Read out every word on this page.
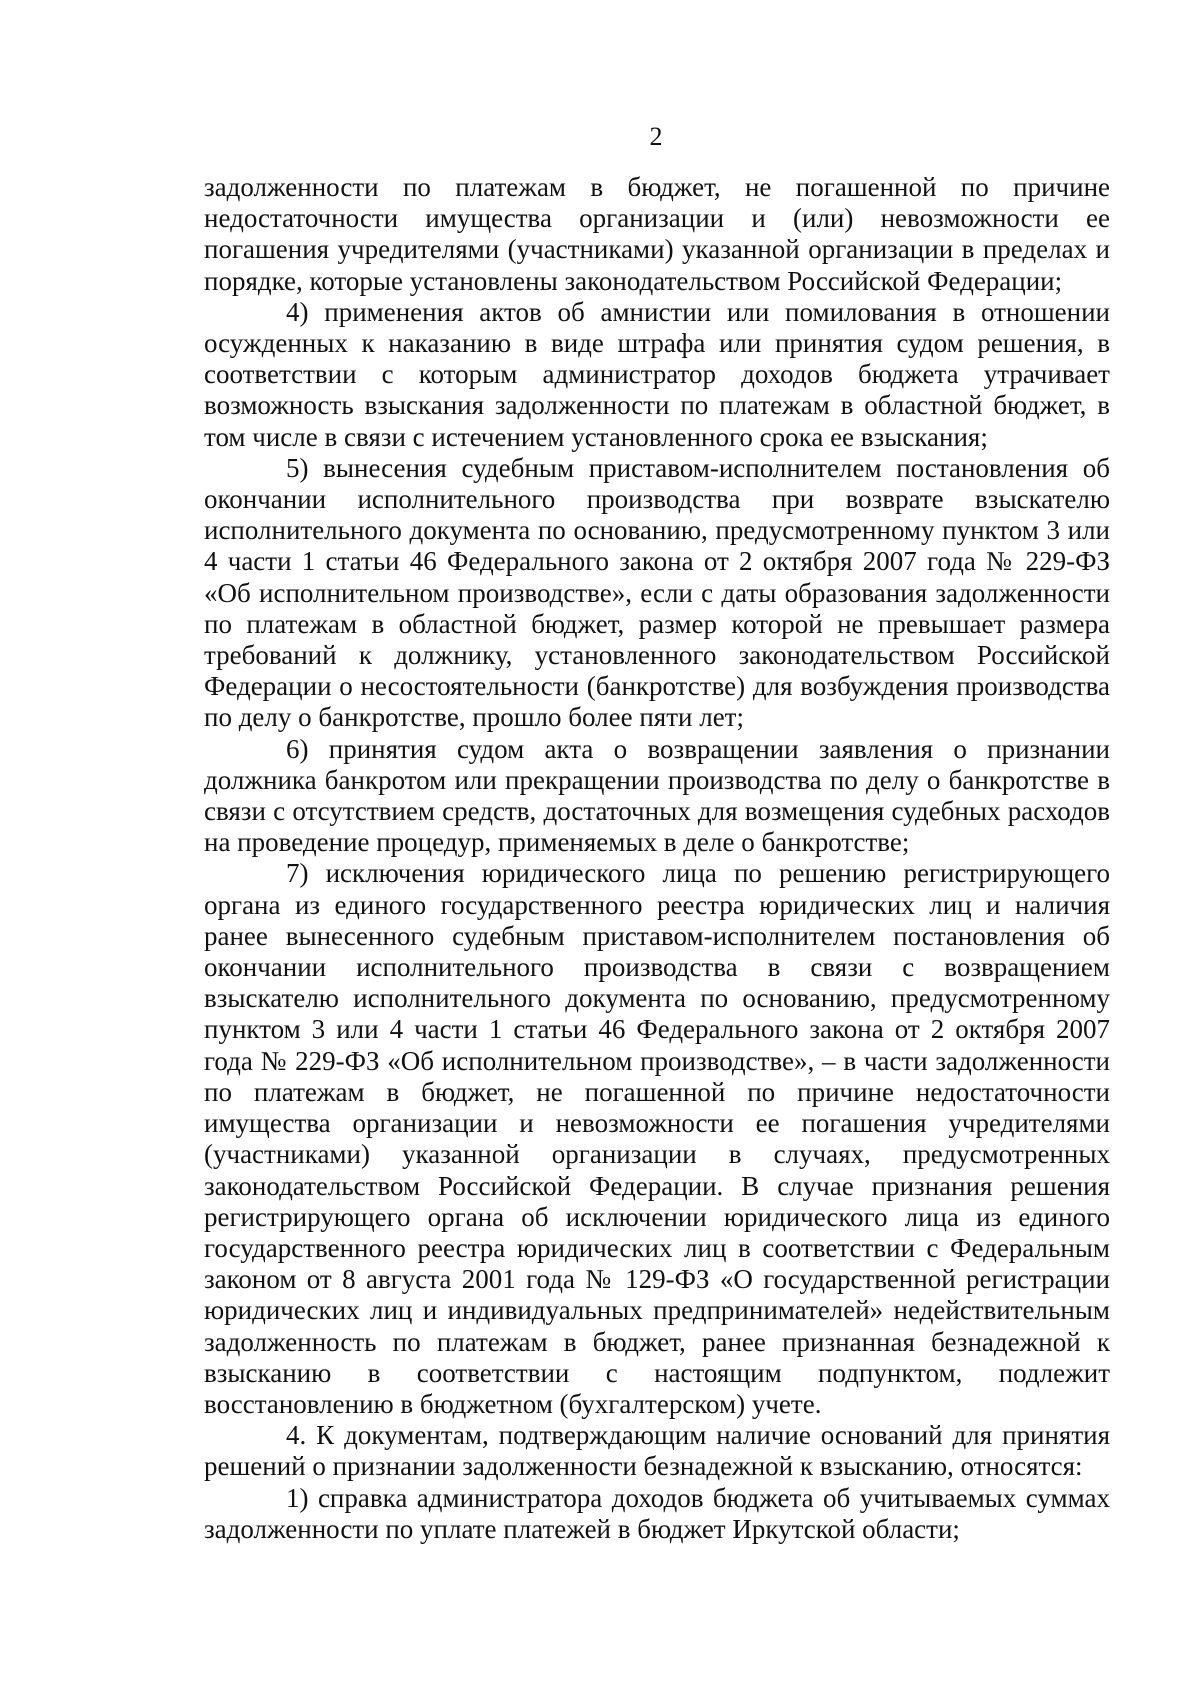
2

задолженности по платежам в бюджет, не погашенной по причине недостаточности имущества организации и (или) невозможности ее погашения учредителями (участниками) указанной организации в пределах и порядке, которые установлены законодательством Российской Федерации;

4) применения актов об амнистии или помилования в отношении осужденных к наказанию в виде штрафа или принятия судом решения, в соответствии с которым администратор доходов бюджета утрачивает возможность взыскания задолженности по платежам в областной бюджет, в том числе в связи с истечением установленного срока ее взыскания;

5) вынесения судебным приставом-исполнителем постановления об окончании исполнительного производства при возврате взыскателю исполнительного документа по основанию, предусмотренному пунктом 3 или 4 части 1 статьи 46 Федерального закона от 2 октября 2007 года № 229-ФЗ «Об исполнительном производстве», если с даты образования задолженности по платежам в областной бюджет, размер которой не превышает размера требований к должнику, установленного законодательством Российской Федерации о несостоятельности (банкротстве) для возбуждения производства по делу о банкротстве, прошло более пяти лет;

6) принятия судом акта о возвращении заявления о признании должника банкротом или прекращении производства по делу о банкротстве в связи с отсутствием средств, достаточных для возмещения судебных расходов на проведение процедур, применяемых в деле о банкротстве;

7) исключения юридического лица по решению регистрирующего органа из единого государственного реестра юридических лиц и наличия ранее вынесенного судебным приставом-исполнителем постановления об окончании исполнительного производства в связи с возвращением взыскателю исполнительного документа по основанию, предусмотренному пунктом 3 или 4 части 1 статьи 46 Федерального закона от 2 октября 2007 года № 229-ФЗ «Об исполнительном производстве», – в части задолженности по платежам в бюджет, не погашенной по причине недостаточности имущества организации и невозможности ее погашения учредителями (участниками) указанной организации в случаях, предусмотренных законодательством Российской Федерации. В случае признания решения регистрирующего органа об исключении юридического лица из единого государственного реестра юридических лиц в соответствии с Федеральным законом от 8 августа 2001 года № 129-ФЗ «О государственной регистрации юридических лиц и индивидуальных предпринимателей» недействительным задолженность по платежам в бюджет, ранее признанная безнадежной к взысканию в соответствии с настоящим подпунктом, подлежит восстановлению в бюджетном (бухгалтерском) учете.

4. К документам, подтверждающим наличие оснований для принятия решений о признании задолженности безнадежной к взысканию, относятся:

1) справка администратора доходов бюджета об учитываемых суммах задолженности по уплате платежей в бюджет Иркутской области;
